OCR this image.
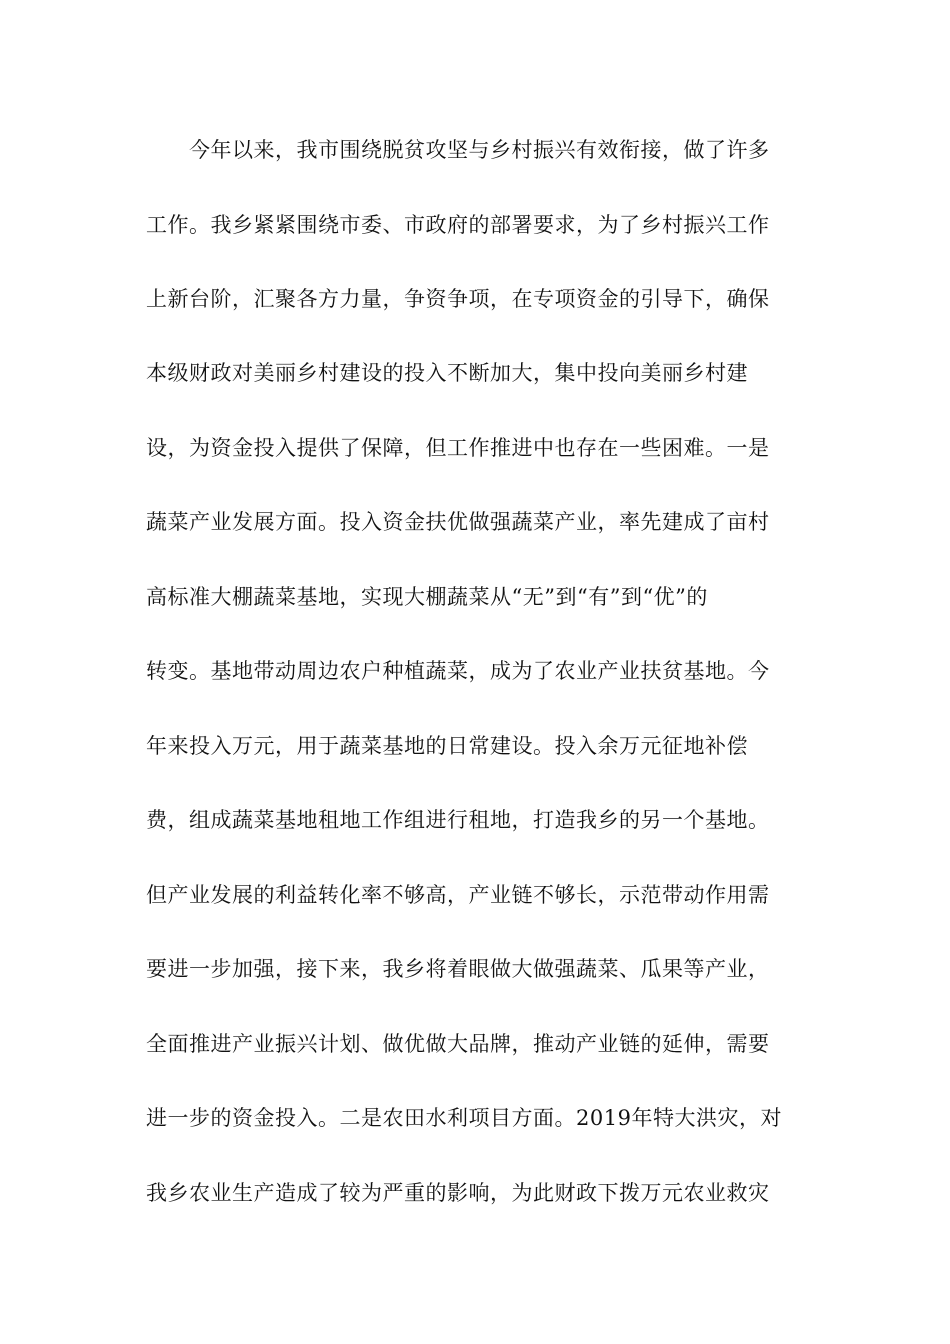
今年以来，我市围绕脱贫攻坚与乡村振兴有效衔接，做了许多
工作。我乡紧紧围绕市委、市政府的部署要求，为了乡村振兴工作
上新台阶，汇聚各方力量，争资争项，在专项资金的引导下，确保
本级财政对美丽乡村建设的投入不断加大，集中投向美丽乡村建
设，为资金投入提供了保障，但工作推进中也存在一些困难。一是
蔬菜产业发展方面。投入资金扶优做强蔬菜产业，率先建成了亩村
高标准大棚蔬菜基地，实现大棚蔬菜从“无”到“有”到“优”的
转变。基地带动周边农户种植蔬菜，成为了农业产业扶贫基地。今
年来投入万元，用于蔬菜基地的日常建设。投入余万元征地补偿
费，组成蔬菜基地租地工作组进行租地，打造我乡的另一个基地。
但产业发展的利益转化率不够高，产业链不够长，示范带动作用需
要进一步加强，接下来，我乡将着眼做大做强蔬菜、瓜果等产业，
全面推进产业振兴计划、做优做大品牌，推动产业链的延伸，需要
进一步的资金投入。二是农田水利项目方面。2019年特大洪灾，对
我乡农业生产造成了较为严重的影响，为此财政下拨万元农业救灾
